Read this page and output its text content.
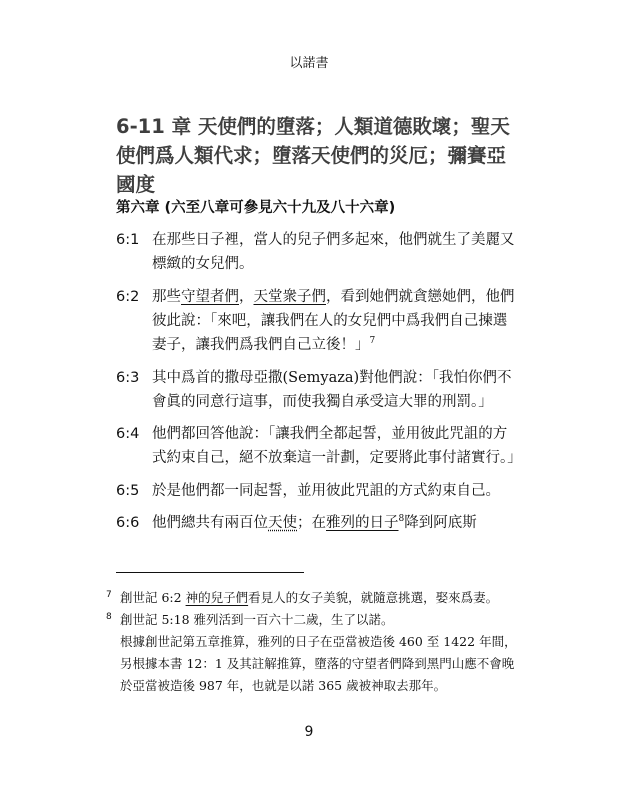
以諾書
6-11 章 天使們的墮落；人類道德敗壞；聖天使們爲人類代求；墮落天使們的災厄；彌賽亞國度
第六章 (六至八章可參見六十九及八十六章)
6:1 在那些日子裡，當人的兒子們多起來，他們就生了美麗又標緻的女兒們。
6:2 那些守望者們，天堂衆子們，看到她們就貪戀她們，他們彼此說：「來吧，讓我們在人的女兒們中爲我們自己揀選妻子，讓我們爲我們自己立後！」$^7$
6:3 其中爲首的撒母亞撒(Semyaza)對他們說：「我怕你們不會眞的同意行這事，而使我獨自承受這大罪的刑罰。」
6:4 他們都回答他說：「讓我們全都起誓，並用彼此咒詛的方式約束自己，絕不放棄這一計劃，定要將此事付諸實行。」
6:5 於是他們都一同起誓，並用彼此咒詛的方式約束自己。
6:6 他們總共有兩百位天使；在雅列的日子$^8$降到阿底斯
7 創世記 6:2 神的兒子們看見人的女子美貌，就隨意挑選，娶來爲妻。
8 創世記 5:18 雅列活到一百六十二歲，生了以諾。
根據創世記第五章推算，雅列的日子在亞當被造後 460 至 1422 年間，另根據本書 12：1 及其註解推算，墮落的守望者們降到黑門山應不會晚於亞當被造後 987 年，也就是以諾 365 歲被神取去那年。
9
